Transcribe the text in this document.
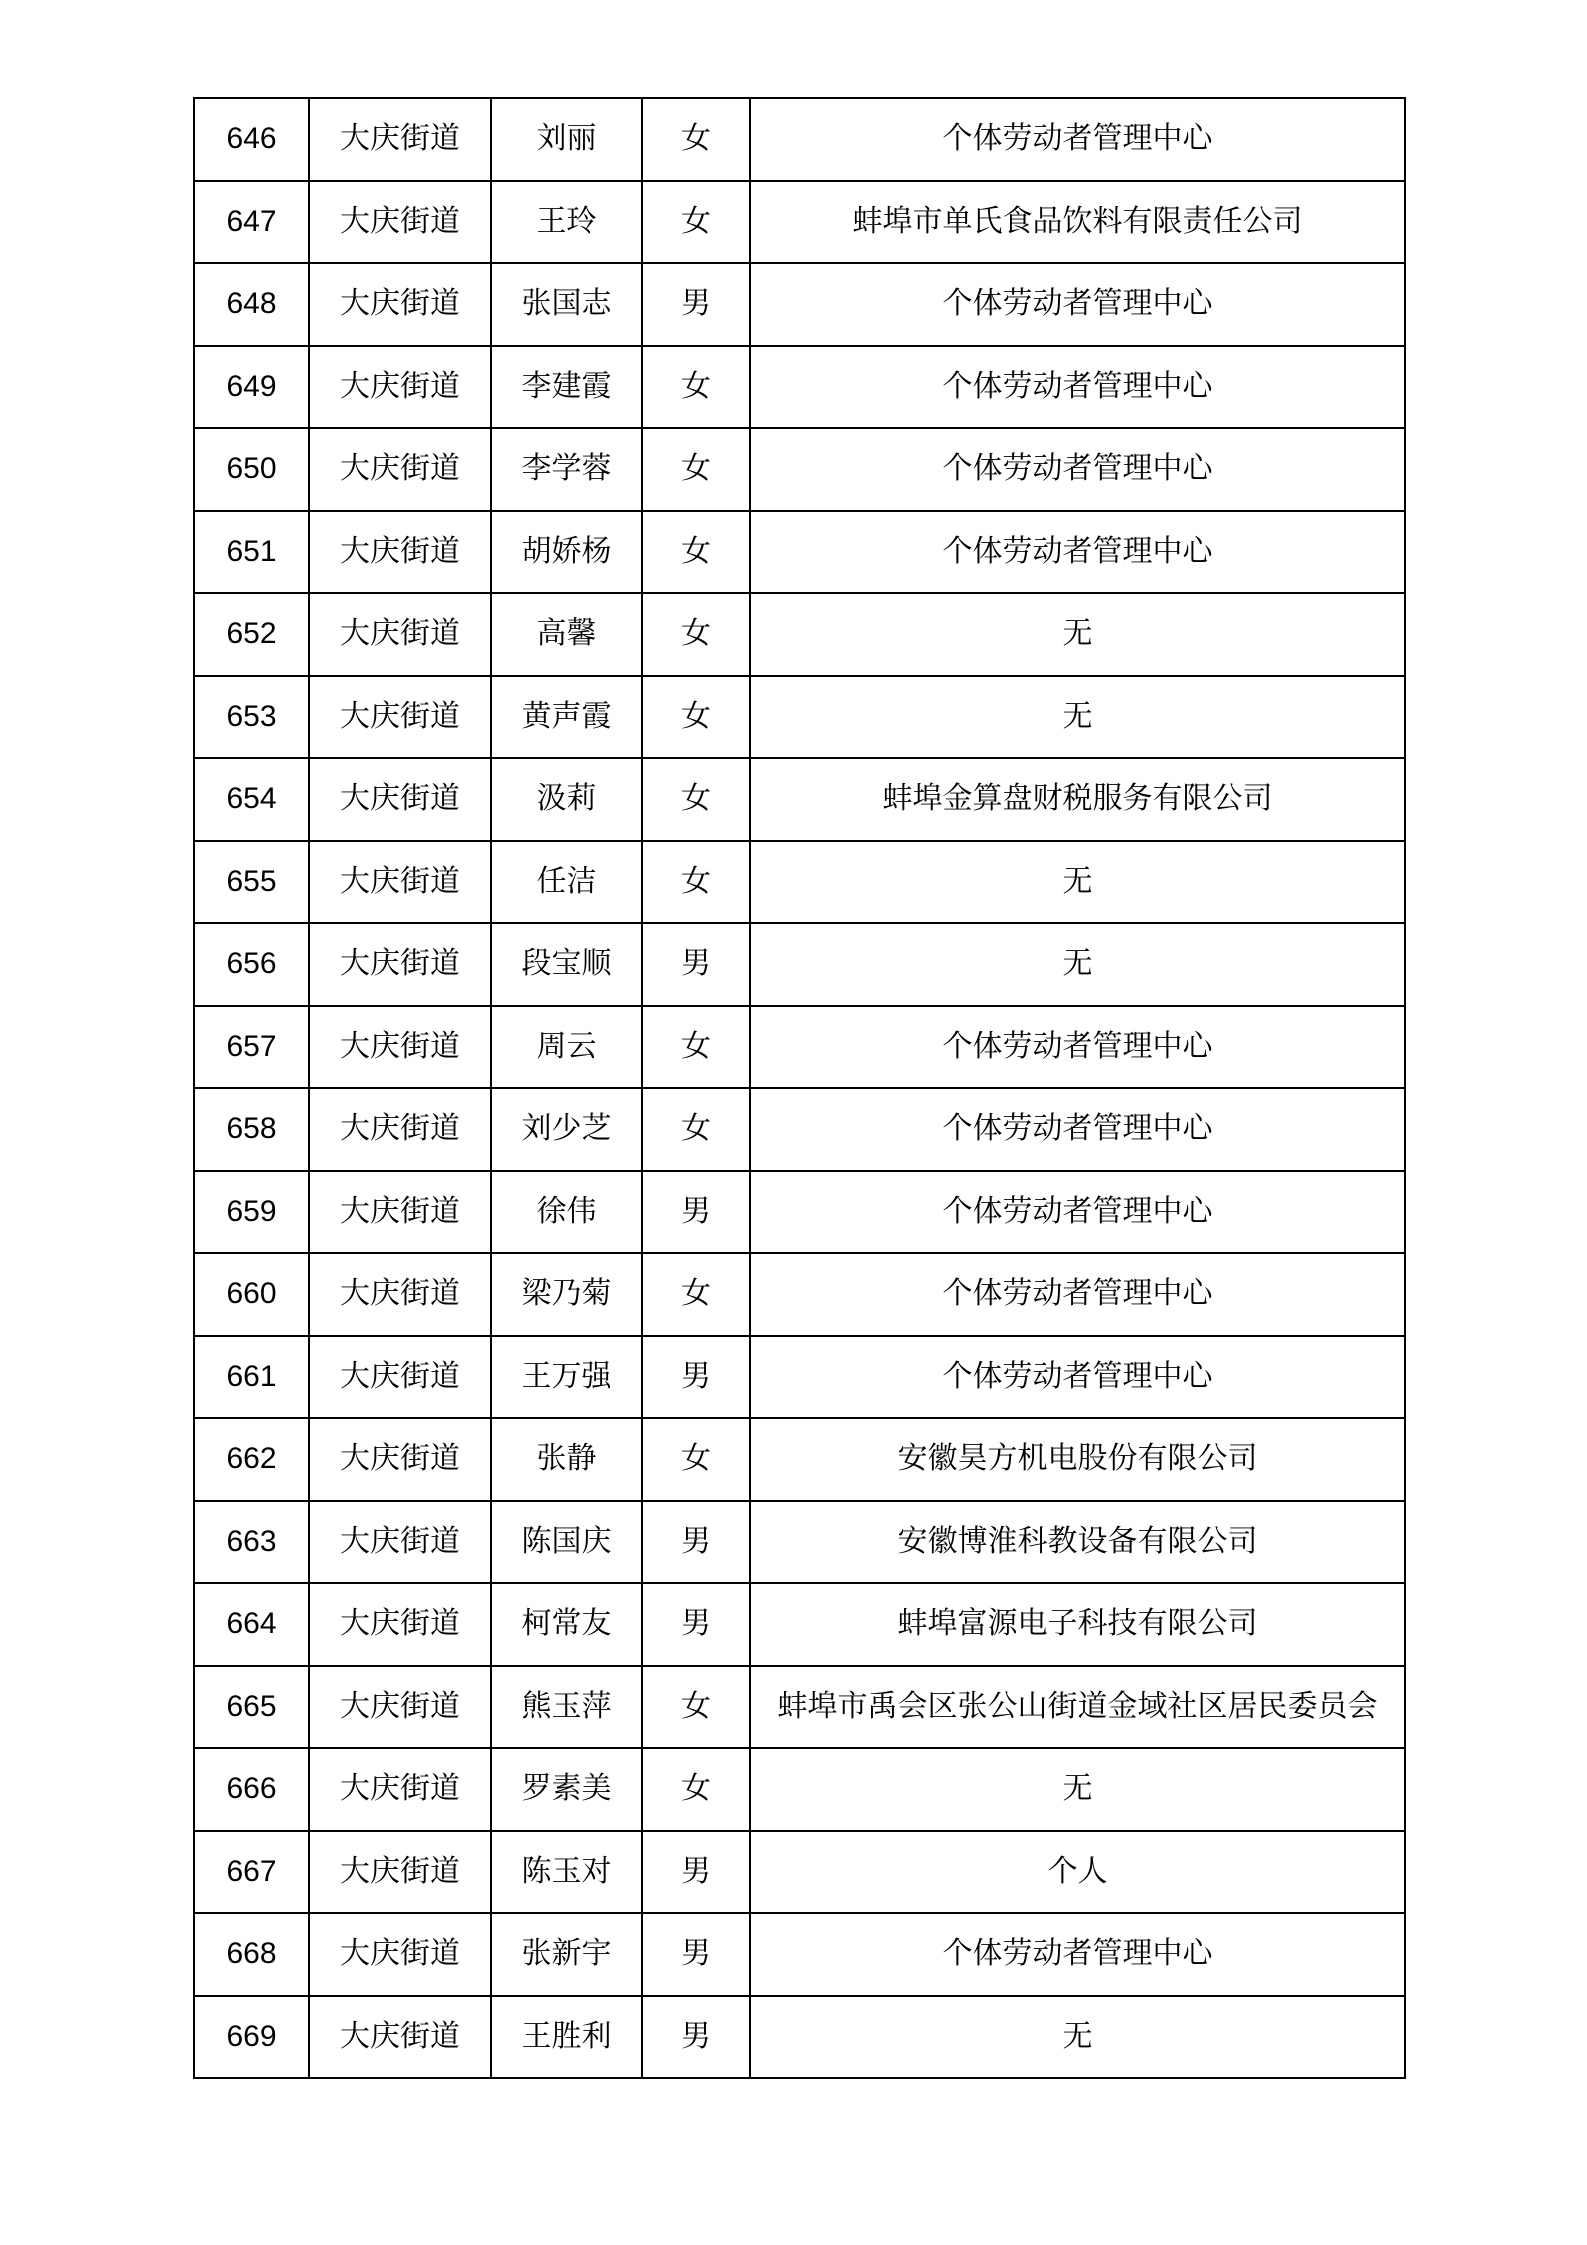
646	大庆街道	刘丽	女	个体劳动者管理中心
647	大庆街道	王玲	女	蚌埠市单氏食品饮料有限责任公司
648	大庆街道	张国志	男	个体劳动者管理中心
649	大庆街道	李建霞	女	个体劳动者管理中心
650	大庆街道	李学蓉	女	个体劳动者管理中心
651	大庆街道	胡娇杨	女	个体劳动者管理中心
652	大庆街道	高馨	女	无
653	大庆街道	黄声霞	女	无
654	大庆街道	汲莉	女	蚌埠金算盘财税服务有限公司
655	大庆街道	任洁	女	无
656	大庆街道	段宝顺	男	无
657	大庆街道	周云	女	个体劳动者管理中心
658	大庆街道	刘少芝	女	个体劳动者管理中心
659	大庆街道	徐伟	男	个体劳动者管理中心
660	大庆街道	梁乃菊	女	个体劳动者管理中心
661	大庆街道	王万强	男	个体劳动者管理中心
662	大庆街道	张静	女	安徽昊方机电股份有限公司
663	大庆街道	陈国庆	男	安徽博淮科教设备有限公司
664	大庆街道	柯常友	男	蚌埠富源电子科技有限公司
665	大庆街道	熊玉萍	女	蚌埠市禹会区张公山街道金域社区居民委员会
666	大庆街道	罗素美	女	无
667	大庆街道	陈玉对	男	个人
668	大庆街道	张新宇	男	个体劳动者管理中心
669	大庆街道	王胜利	男	无
